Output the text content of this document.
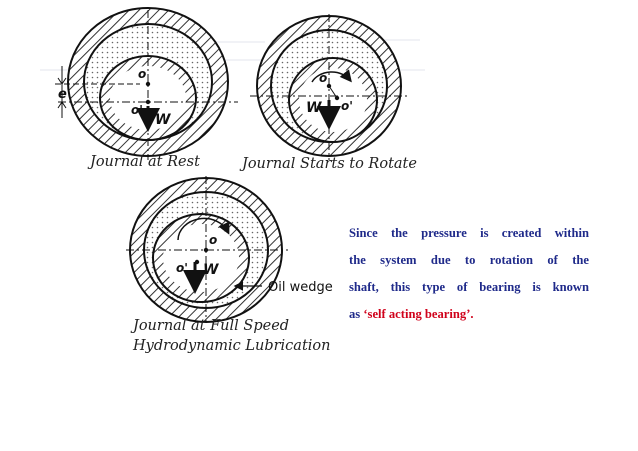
e
o
o'
W
Journal at Rest
o
o'
W
Journal Starts to Rotate
o
o' W
Oil wedge
Journal at Full Speed
Hydrodynamic Lubrication

Since the pressure is created within

the system due to rotation of the

shaft, this type of bearing is known

as ‘self acting bearing’.
